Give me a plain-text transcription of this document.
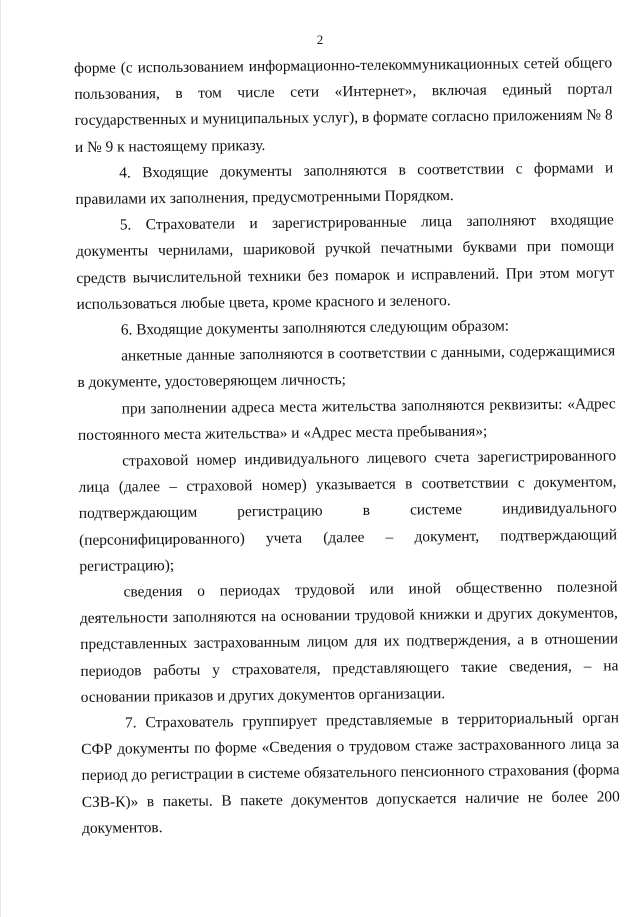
2

форме (с использованием информационно-телекоммуникационных сетей общего пользования, в том числе сети «Интернет», включая единый портал государственных и муниципальных услуг), в формате согласно приложениям № 8 и № 9 к настоящему приказу.

4. Входящие документы заполняются в соответствии с формами и правилами их заполнения, предусмотренными Порядком.

5. Страхователи и зарегистрированные лица заполняют входящие документы чернилами, шариковой ручкой печатными буквами при помощи средств вычислительной техники без помарок и исправлений. При этом могут использоваться любые цвета, кроме красного и зеленого.

6. Входящие документы заполняются следующим образом:

анкетные данные заполняются в соответствии с данными, содержащимися в документе, удостоверяющем личность;

при заполнении адреса места жительства заполняются реквизиты: «Адрес постоянного места жительства» и «Адрес места пребывания»;

страховой номер индивидуального лицевого счета зарегистрированного лица (далее – страховой номер) указывается в соответствии с документом, подтверждающим регистрацию в системе индивидуального (персонифицированного) учета (далее – документ, подтверждающий регистрацию);

сведения о периодах трудовой или иной общественно полезной деятельности заполняются на основании трудовой книжки и других документов, представленных застрахованным лицом для их подтверждения, а в отношении периодов работы у страхователя, представляющего такие сведения, – на основании приказов и других документов организации.

7. Страхователь группирует представляемые в территориальный орган СФР документы по форме «Сведения о трудовом стаже застрахованного лица за период до регистрации в системе обязательного пенсионного страхования (форма СЗВ-К)» в пакеты. В пакете документов допускается наличие не более 200 документов.
